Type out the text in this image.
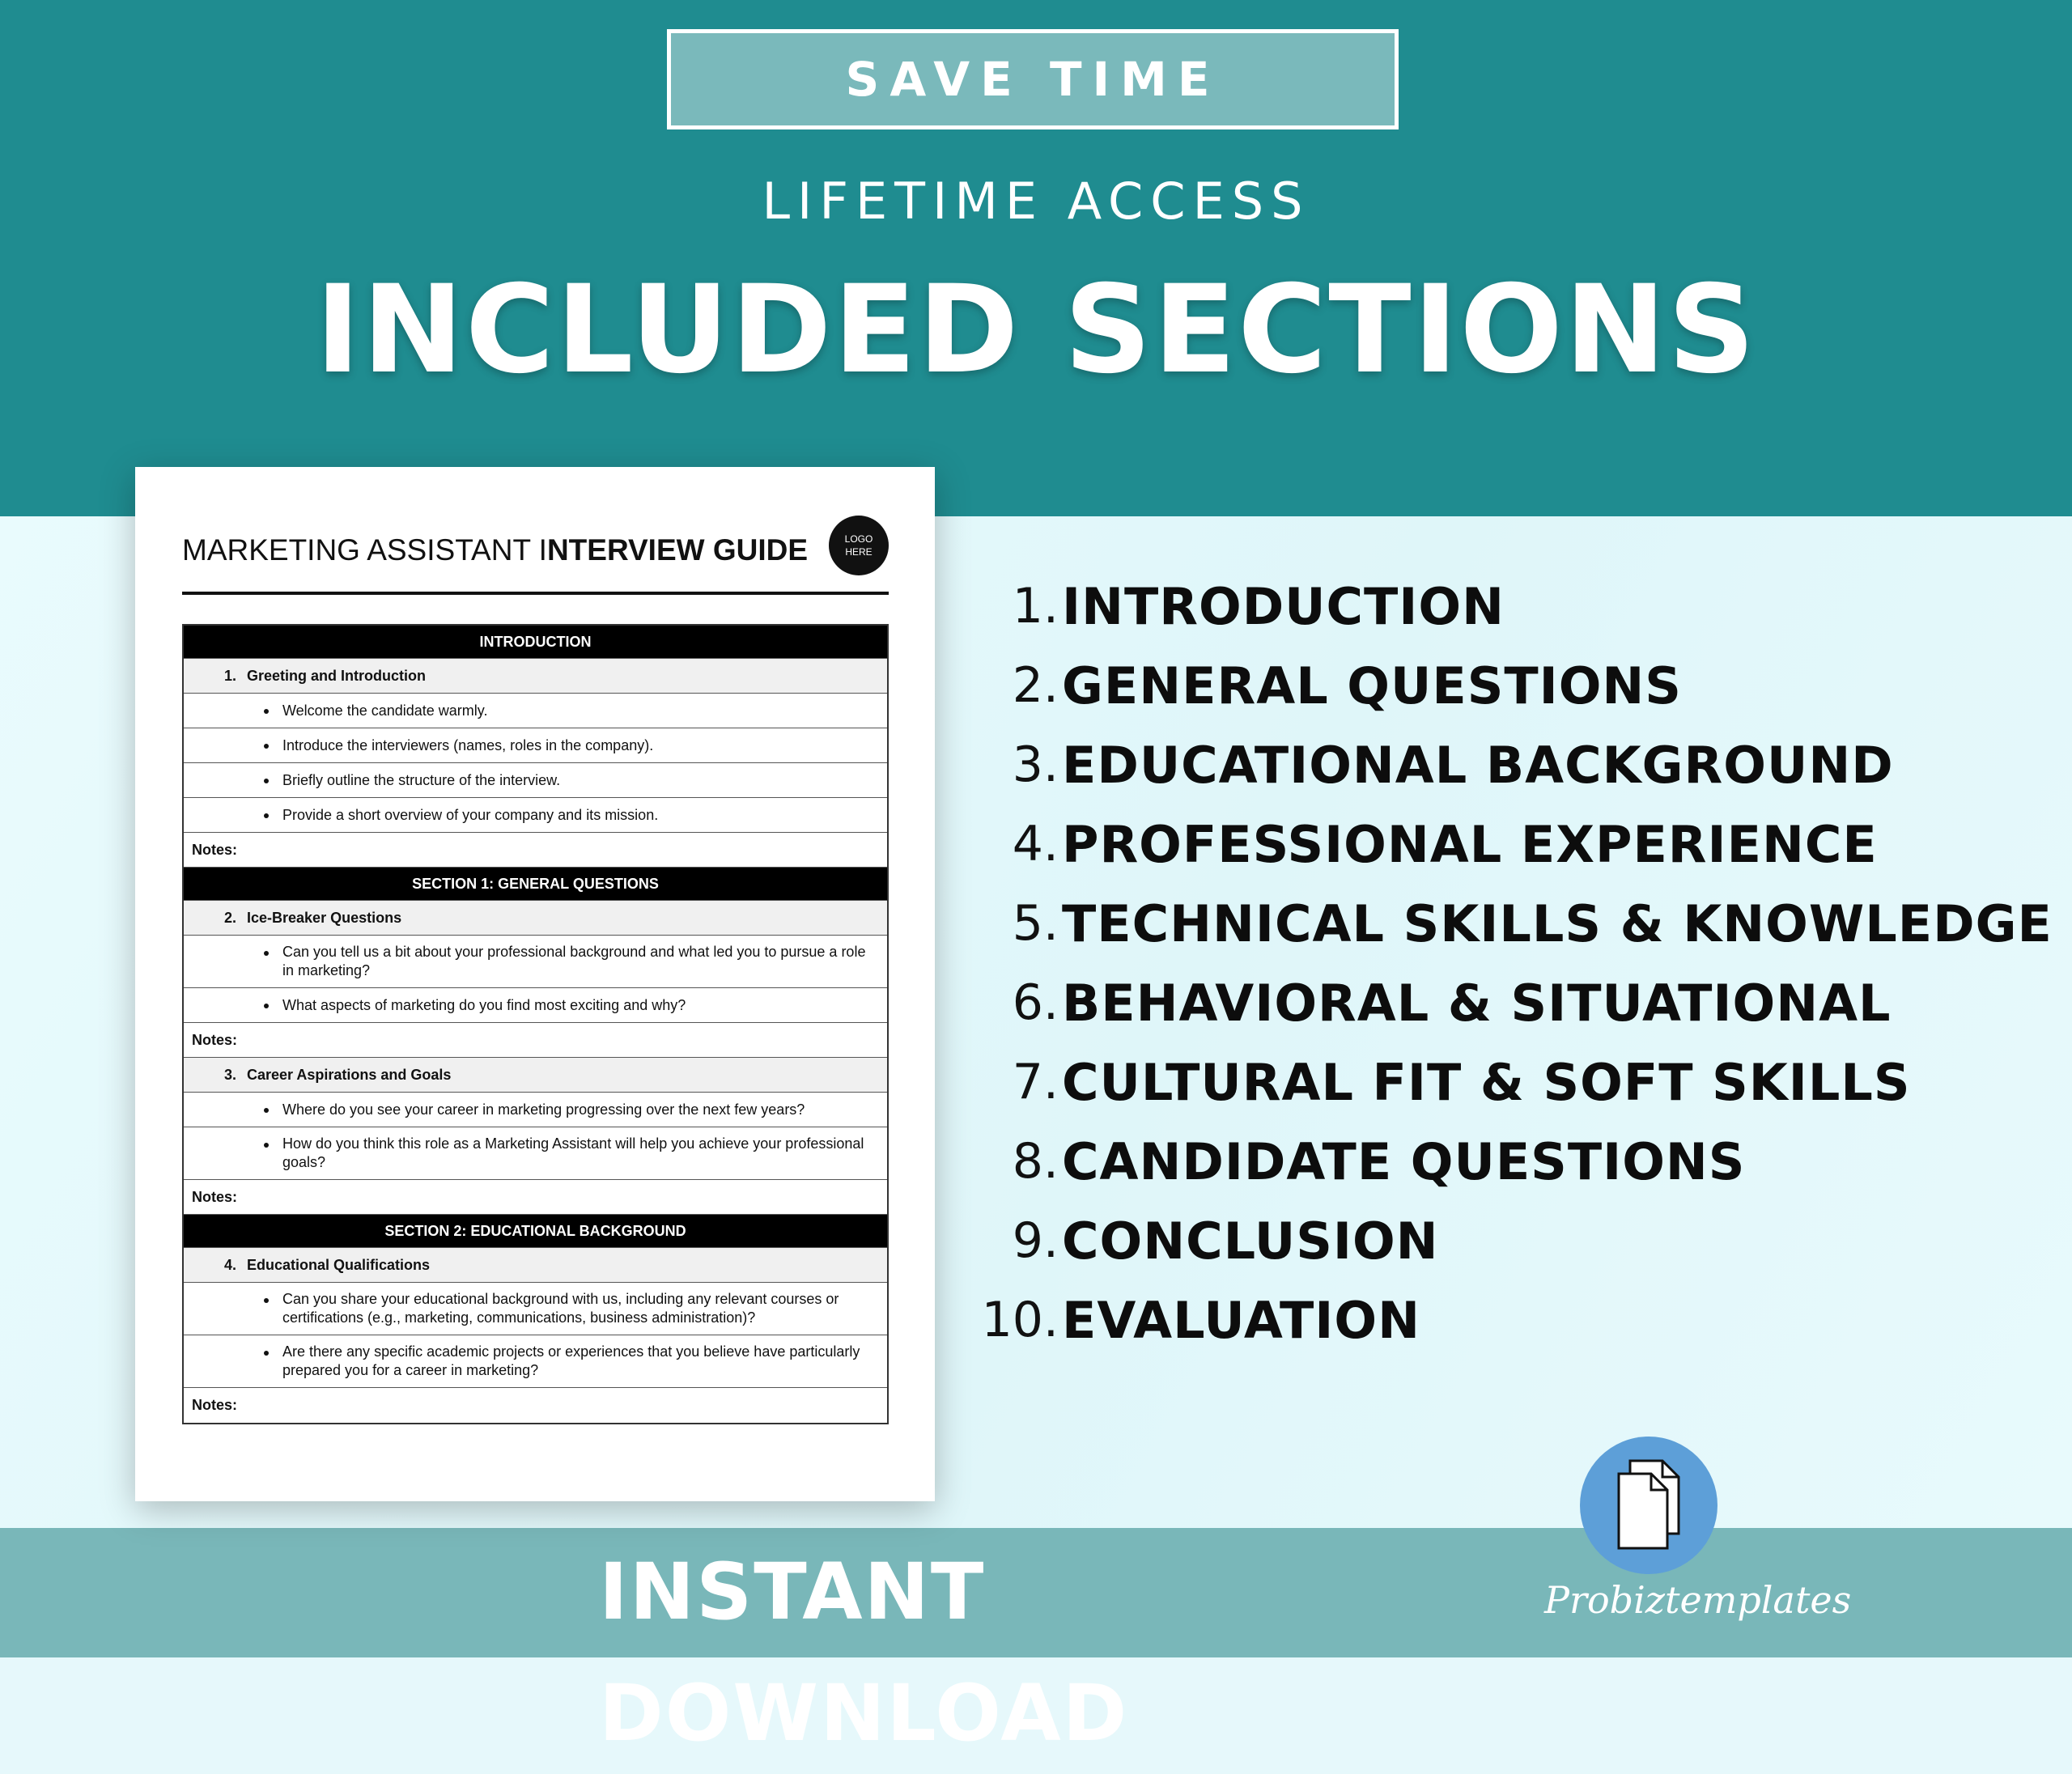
SAVE TIME
LIFETIME ACCESS
INCLUDED SECTIONS
MARKETING ASSISTANT INTERVIEW GUIDE	LOGO
HERE
INTRODUCTION
1. Greeting and Introduction
Welcome the candidate warmly.
Introduce the interviewers (names, roles in the company).
Briefly outline the structure of the interview.
Provide a short overview of your company and its mission.
Notes:
SECTION 1: GENERAL QUESTIONS
2. Ice-Breaker Questions
Can you tell us a bit about your professional background and what led you to pursue a role in marketing?
What aspects of marketing do you find most exciting and why?
Notes:
3. Career Aspirations and Goals
Where do you see your career in marketing progressing over the next few years?
How do you think this role as a Marketing Assistant will help you achieve your professional goals?
Notes:
SECTION 2: EDUCATIONAL BACKGROUND
4. Educational Qualifications
Can you share your educational background with us, including any relevant courses or certifications (e.g., marketing, communications, business administration)?
Are there any specific academic projects or experiences that you believe have particularly prepared you for a career in marketing?
Notes:
1. INTRODUCTION
2. GENERAL QUESTIONS
3. EDUCATIONAL BACKGROUND
4. PROFESSIONAL EXPERIENCE
5. TECHNICAL SKILLS & KNOWLEDGE
6. BEHAVIORAL & SITUATIONAL
7. CULTURAL FIT & SOFT SKILLS
8. CANDIDATE QUESTIONS
9. CONCLUSION
10. EVALUATION
INSTANT DOWNLOAD
Probiztemplates
